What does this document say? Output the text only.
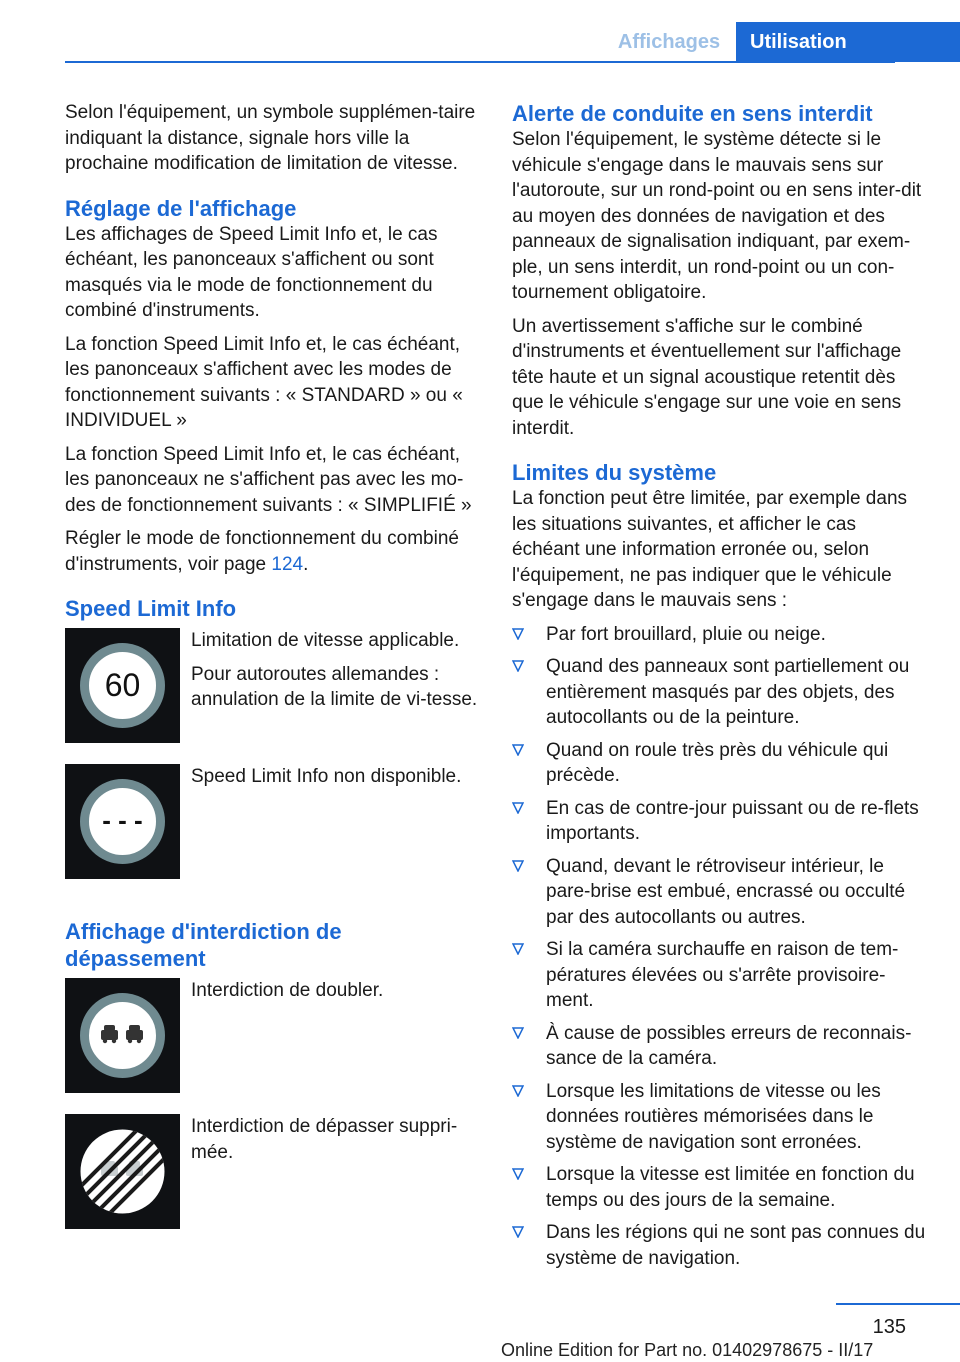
Affichages	Utilisation

Selon l'équipement, un symbole supplémen-taire indiquant la distance, signale hors ville la prochaine modification de limitation de vitesse.

Réglage de l'affichage

Les affichages de Speed Limit Info et, le cas échéant, les panonceaux s'affichent ou sont masqués via le mode de fonctionnement du combiné d'instruments.

La fonction Speed Limit Info et, le cas échéant, les panonceaux s'affichent avec les modes de fonctionnement suivants : « STANDARD » ou « INDIVIDUEL »

La fonction Speed Limit Info et, le cas échéant, les panonceaux ne s'affichent pas avec les mo-des de fonctionnement suivants : « SIMPLIFIÉ »

Régler le mode de fonctionnement du combiné d'instruments, voir page 124.

Speed Limit Info
60

Limitation de vitesse applicable.

Pour autoroutes allemandes : annulation de la limite de vi-tesse.

- - -

Speed Limit Info non disponible.

Affichage d'interdiction de dépassement

Interdiction de doubler.

Interdiction de dépasser suppri-mée.

Alerte de conduite en sens interdit

Selon l'équipement, le système détecte si le véhicule s'engage dans le mauvais sens sur l'autoroute, sur un rond-point ou en sens inter-dit au moyen des données de navigation et des panneaux de signalisation indiquant, par exem-ple, un sens interdit, un rond-point ou un con-tournement obligatoire.

Un avertissement s'affiche sur le combiné d'instruments et éventuellement sur l'affichage tête haute et un signal acoustique retentit dès que le véhicule s'engage sur une voie en sens interdit.

Limites du système

La fonction peut être limitée, par exemple dans les situations suivantes, et afficher le cas échéant une information erronée ou, selon l'équipement, ne pas indiquer que le véhicule s'engage dans le mauvais sens :

Par fort brouillard, pluie ou neige.
Quand des panneaux sont partiellement ou entièrement masqués par des objets, des autocollants ou de la peinture.
Quand on roule très près du véhicule qui précède.
En cas de contre-jour puissant ou de re-flets importants.
Quand, devant le rétroviseur intérieur, le pare-brise est embué, encrassé ou occulté par des autocollants ou autres.
Si la caméra surchauffe en raison de tem-pératures élevées ou s'arrête provisoire-ment.
À cause de possibles erreurs de reconnais-sance de la caméra.
Lorsque les limitations de vitesse ou les données routières mémorisées dans le système de navigation sont erronées.
Lorsque la vitesse est limitée en fonction du temps ou des jours de la semaine.
Dans les régions qui ne sont pas connues du système de navigation.
135
Online Edition for Part no. 01402978675 - II/17
